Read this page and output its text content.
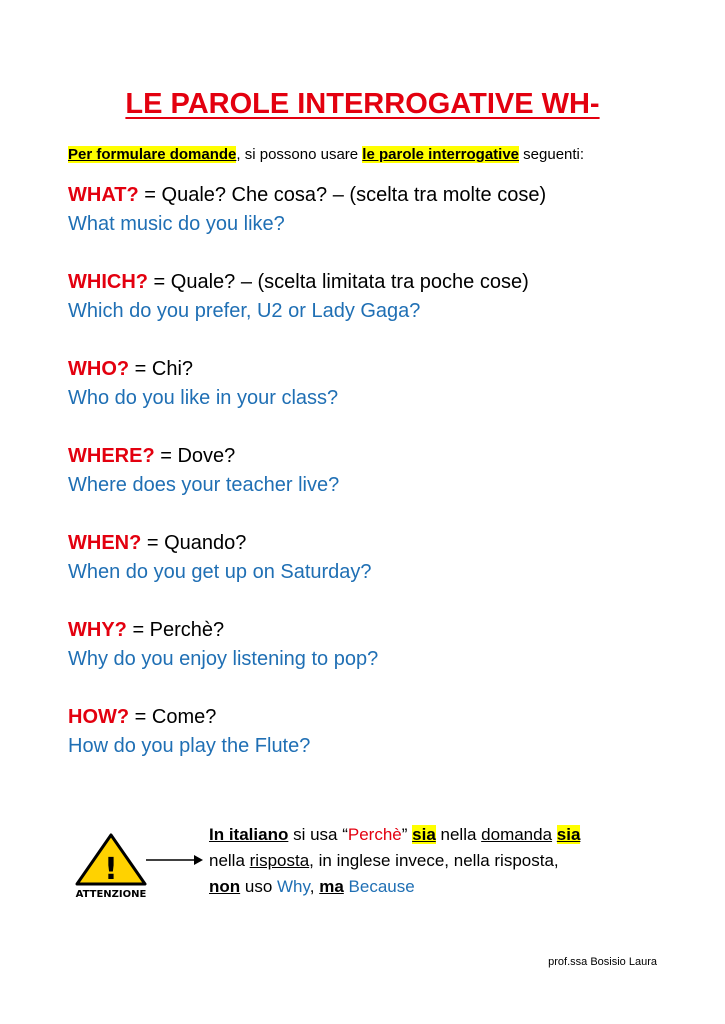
LE PAROLE INTERROGATIVE WH-
Per formulare domande, si possono usare le parole interrogative seguenti:
WHAT? = Quale? Che cosa? – (scelta tra molte cose)
What music do you like?
WHICH? = Quale? – (scelta limitata tra poche cose)
Which do you prefer, U2 or Lady Gaga?
WHO? = Chi?
Who do you like in your class?
WHERE? = Dove?
Where does your teacher live?
WHEN? = Quando?
When do you get up on Saturday?
WHY? = Perchè?
Why do you enjoy listening to pop?
HOW? = Come?
How do you play the Flute?
!
ATTENZIONE
In italiano si usa “Perchè” sia nella domanda sia
nella risposta, in inglese invece, nella risposta,
non uso Why, ma Because
prof.ssa Bosisio Laura
